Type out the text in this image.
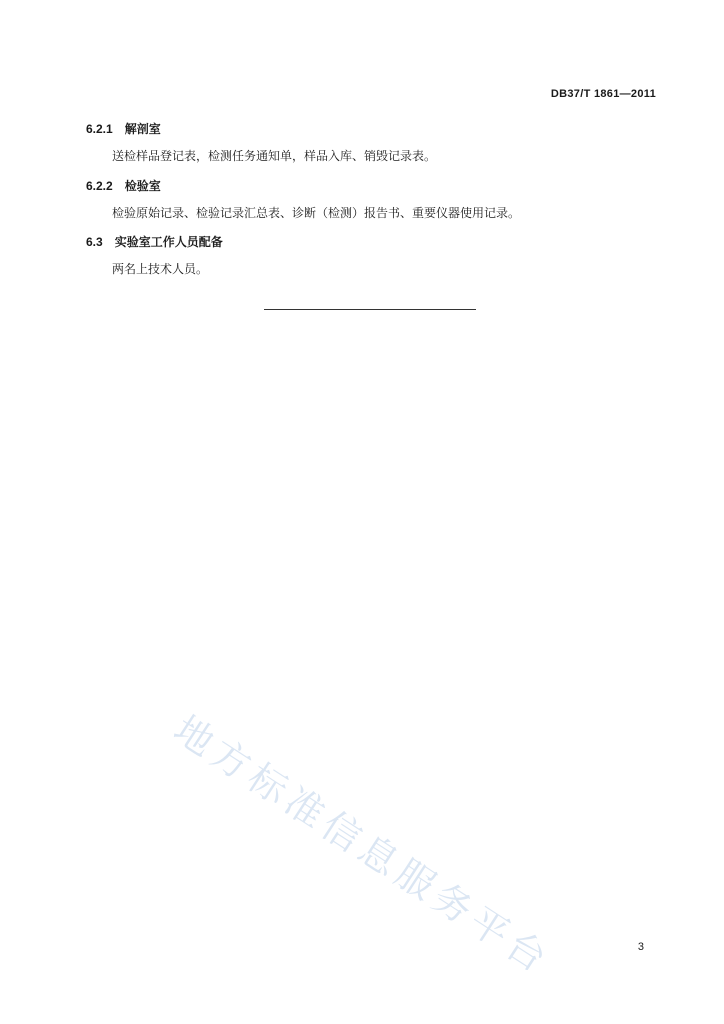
DB37/T 1861—2011
6.2.1 解剖室
送检样品登记表，检测任务通知单，样品入库、销毁记录表。
6.2.2 检验室
检验原始记录、检验记录汇总表、诊断（检测）报告书、重要仪器使用记录。
6.3 实验室工作人员配备
两名上技术人员。
地方标准信息服务平台	3
